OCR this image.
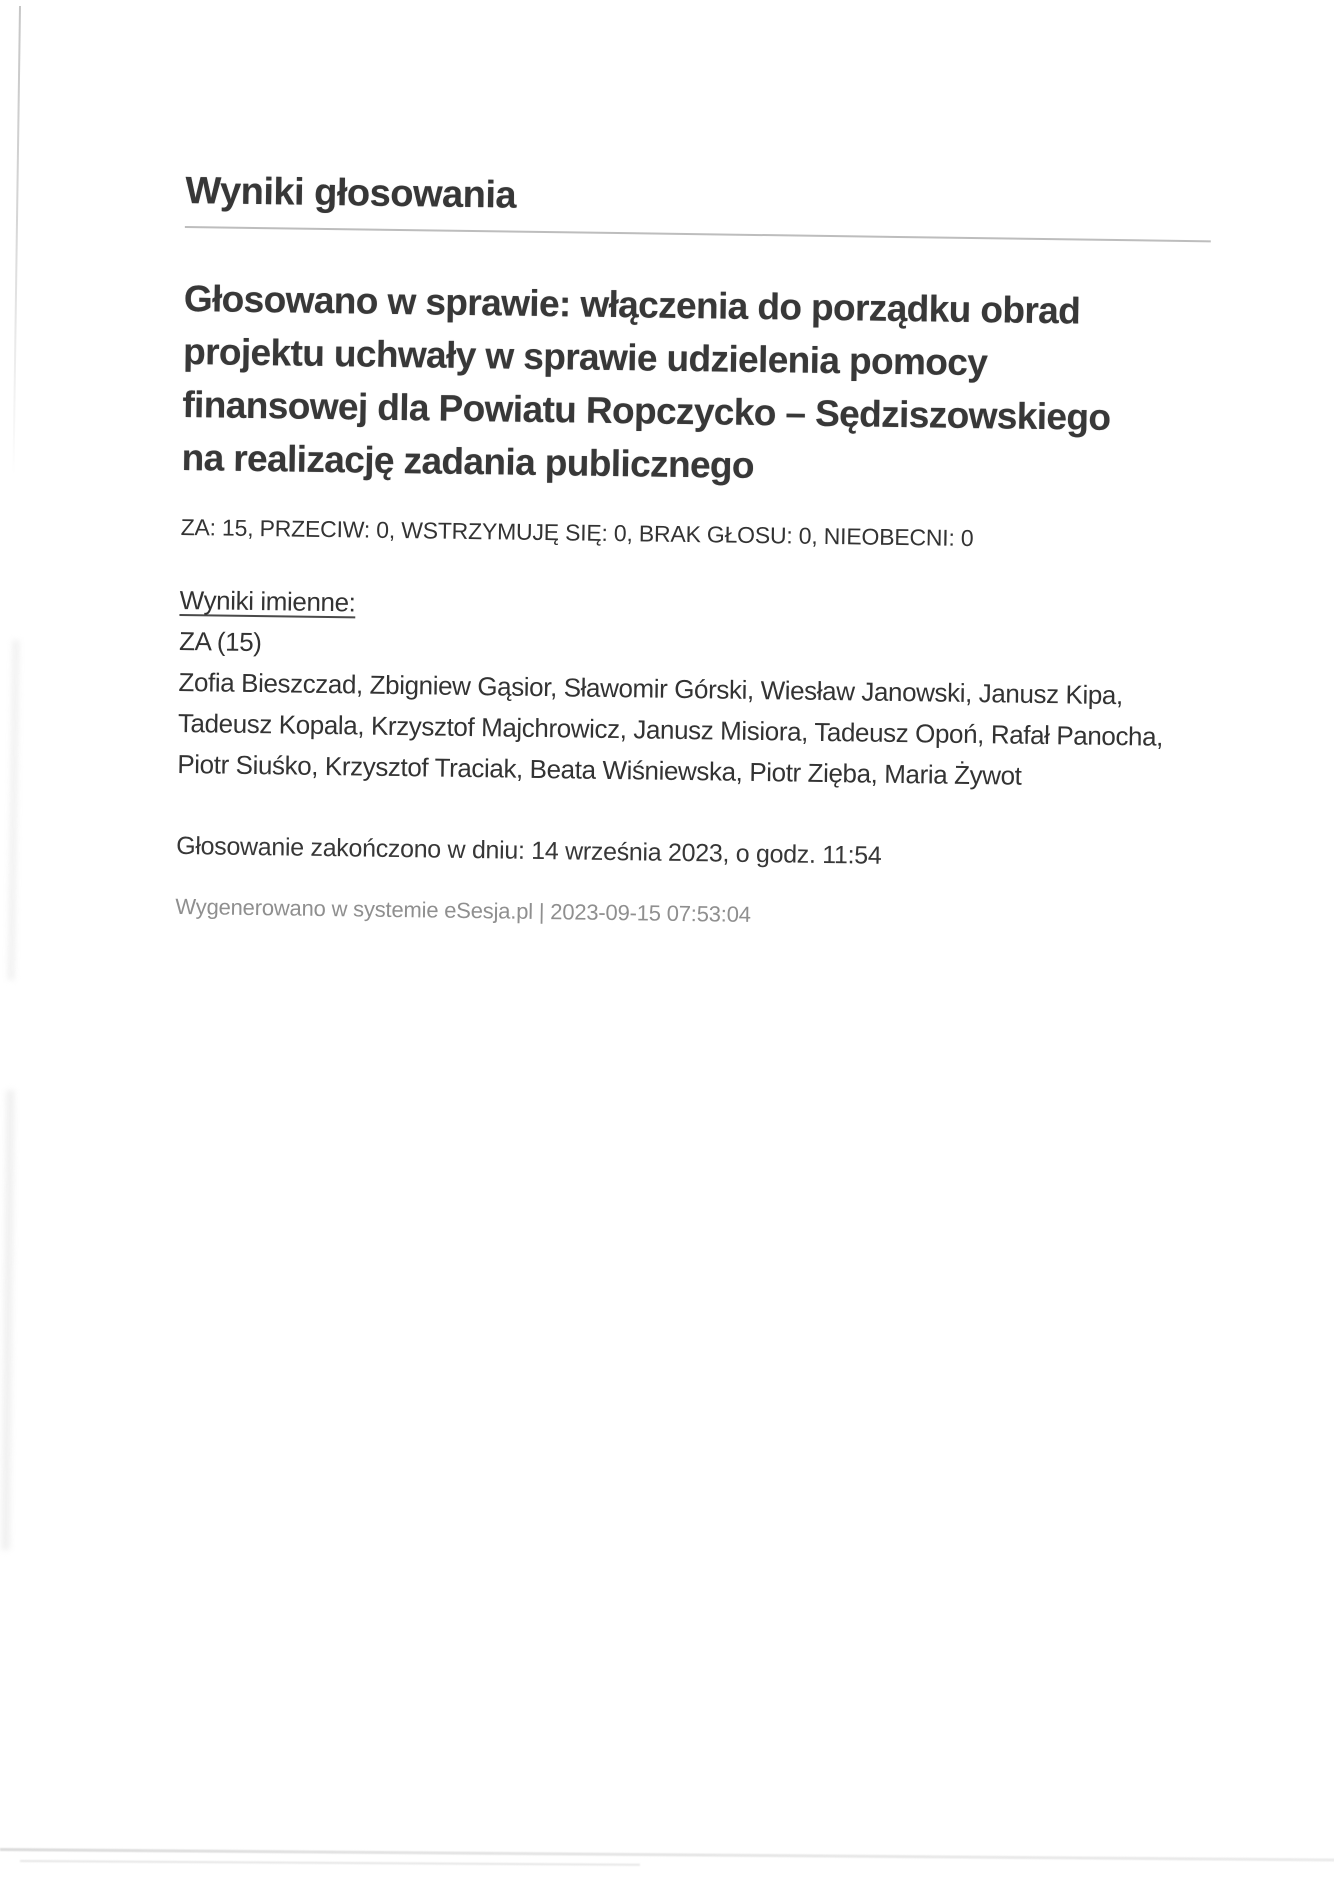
Wyniki głosowania
Głosowano w sprawie: włączenia do porządku obrad
projektu uchwały w sprawie udzielenia pomocy
finansowej dla Powiatu Ropczycko – Sędziszowskiego
na realizację zadania publicznego

ZA: 15, PRZECIW: 0, WSTRZYMUJĘ SIĘ: 0, BRAK GŁOSU: 0, NIEOBECNI: 0

Wyniki imienne:

ZA (15)

Zofia Bieszczad, Zbigniew Gąsior, Sławomir Górski, Wiesław Janowski, Janusz Kipa,
Tadeusz Kopala, Krzysztof Majchrowicz, Janusz Misiora, Tadeusz Opoń, Rafał Panocha,
Piotr Siuśko, Krzysztof Traciak, Beata Wiśniewska, Piotr Zięba, Maria Żywot

Głosowanie zakończono w dniu: 14 września 2023, o godz. 11:54

Wygenerowano w systemie eSesja.pl | 2023-09-15 07:53:04
